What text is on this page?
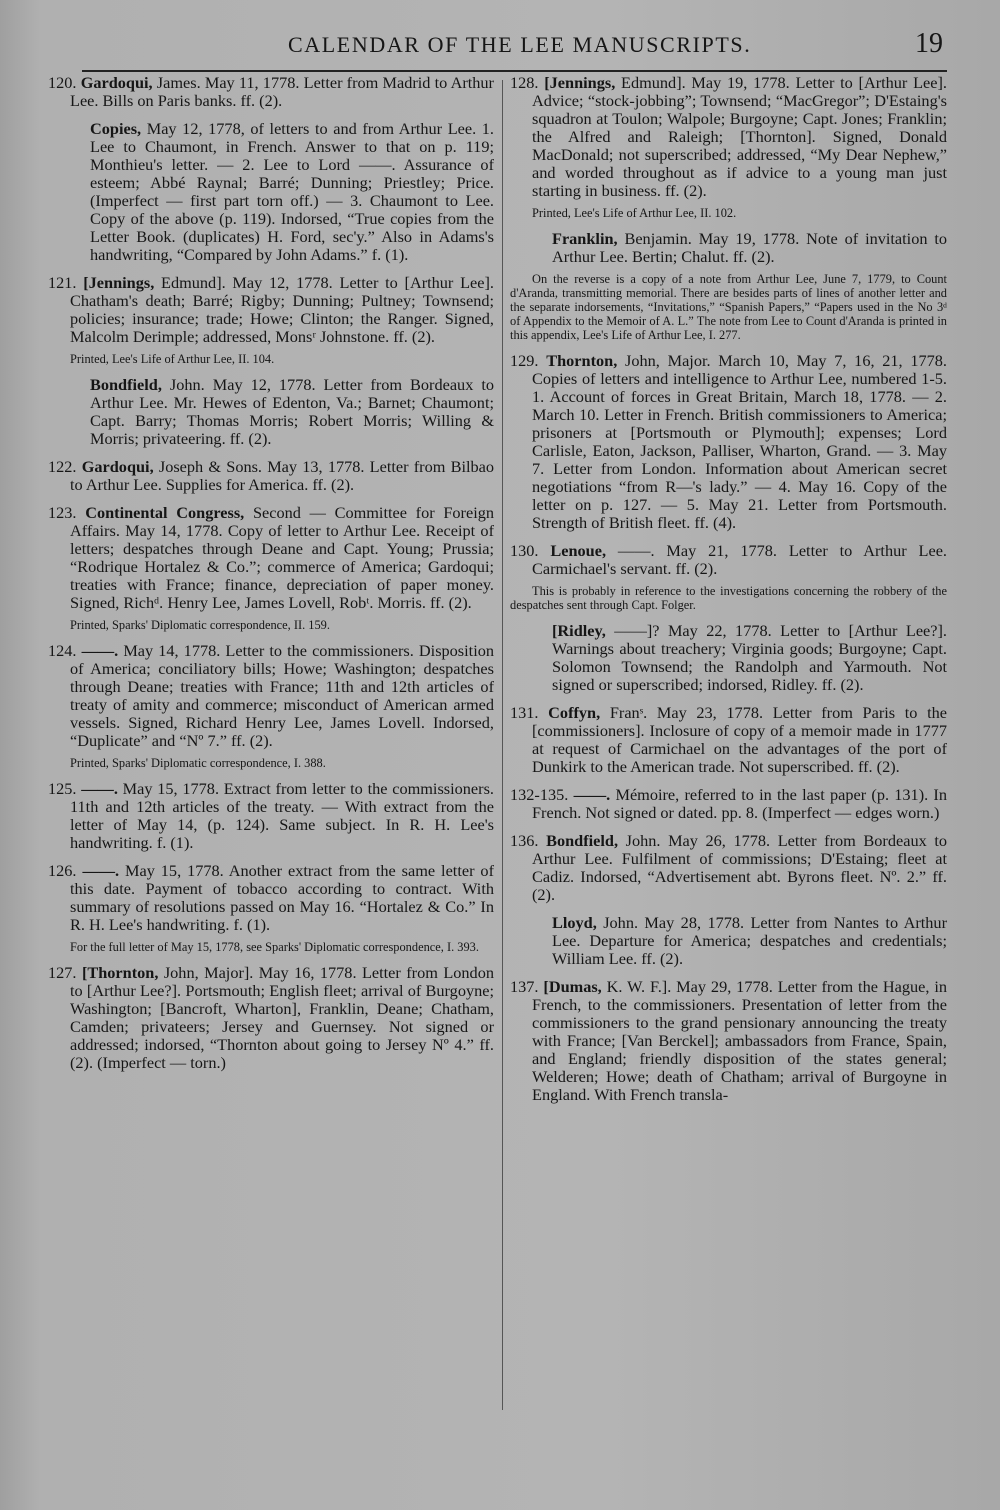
CALENDAR OF THE LEE MANUSCRIPTS.	19

120. Gardoqui, James. May 11, 1778. Letter from Madrid to Arthur Lee. Bills on Paris banks. ff. (2).

Copies, May 12, 1778, of letters to and from Arthur Lee. 1. Lee to Chaumont, in French. Answer to that on p. 119; Monthieu's letter. — 2. Lee to Lord ——. Assurance of esteem; Abbé Raynal; Barré; Dunning; Priestley; Price. (Imperfect — first part torn off.) — 3. Chaumont to Lee. Copy of the above (p. 119). Indorsed, “True copies from the Letter Book. (duplicates) H. Ford, sec'y.” Also in Adams's handwriting, “Compared by John Adams.” f. (1).

121. [Jennings, Edmund]. May 12, 1778. Letter to [Arthur Lee]. Chatham's death; Barré; Rigby; Dunning; Pultney; Townsend; policies; insurance; trade; Howe; Clinton; the Ranger. Signed, Malcolm Derimple; addressed, Monsʳ Johnstone. ff. (2).

Printed, Lee's Life of Arthur Lee, II. 104.

Bondfield, John. May 12, 1778. Letter from Bordeaux to Arthur Lee. Mr. Hewes of Edenton, Va.; Barnet; Chaumont; Capt. Barry; Thomas Morris; Robert Morris; Willing & Morris; privateering. ff. (2).

122. Gardoqui, Joseph & Sons. May 13, 1778. Letter from Bilbao to Arthur Lee. Supplies for America. ff. (2).

123. Continental Congress, Second — Committee for Foreign Affairs. May 14, 1778. Copy of letter to Arthur Lee. Receipt of letters; despatches through Deane and Capt. Young; Prussia; “Rodrique Hortalez & Co.”; commerce of America; Gardoqui; treaties with France; finance, depreciation of paper money. Signed, Richᵈ. Henry Lee, James Lovell, Robᵗ. Morris. ff. (2).

Printed, Sparks' Diplomatic correspondence, II. 159.

124. ——. May 14, 1778. Letter to the commissioners. Disposition of America; conciliatory bills; Howe; Washington; despatches through Deane; treaties with France; 11th and 12th articles of treaty of amity and commerce; misconduct of American armed vessels. Signed, Richard Henry Lee, James Lovell. Indorsed, “Duplicate” and “Nº 7.” ff. (2).

Printed, Sparks' Diplomatic correspondence, I. 388.

125. ——. May 15, 1778. Extract from letter to the commissioners. 11th and 12th articles of the treaty. — With extract from the letter of May 14, (p. 124). Same subject. In R. H. Lee's handwriting. f. (1).

126. ——. May 15, 1778. Another extract from the same letter of this date. Payment of tobacco according to contract. With summary of resolutions passed on May 16. “Hortalez & Co.” In R. H. Lee's handwriting. f. (1).

For the full letter of May 15, 1778, see Sparks' Diplomatic correspondence, I. 393.

127. [Thornton, John, Major]. May 16, 1778. Letter from London to [Arthur Lee?]. Portsmouth; English fleet; arrival of Burgoyne; Washington; [Bancroft, Wharton], Franklin, Deane; Chatham, Camden; privateers; Jersey and Guernsey. Not signed or addressed; indorsed, “Thornton about going to Jersey Nº 4.” ff. (2). (Imperfect — torn.)

128. [Jennings, Edmund]. May 19, 1778. Letter to [Arthur Lee]. Advice; “stock-jobbing”; Townsend; “MacGregor”; D'Estaing's squadron at Toulon; Walpole; Burgoyne; Capt. Jones; Franklin; the Alfred and Raleigh; [Thornton]. Signed, Donald MacDonald; not superscribed; addressed, “My Dear Nephew,” and worded throughout as if advice to a young man just starting in business. ff. (2).

Printed, Lee's Life of Arthur Lee, II. 102.

Franklin, Benjamin. May 19, 1778. Note of invitation to Arthur Lee. Bertin; Chalut. ff. (2).

On the reverse is a copy of a note from Arthur Lee, June 7, 1779, to Count d'Aranda, transmitting memorial. There are besides parts of lines of another letter and the separate indorsements, “Invitations,” “Spanish Papers,” “Papers used in the No 3ᵈ of Appendix to the Memoir of A. L.” The note from Lee to Count d'Aranda is printed in this appendix, Lee's Life of Arthur Lee, I. 277.

129. Thornton, John, Major. March 10, May 7, 16, 21, 1778. Copies of letters and intelligence to Arthur Lee, numbered 1-5. 1. Account of forces in Great Britain, March 18, 1778. — 2. March 10. Letter in French. British commissioners to America; prisoners at [Portsmouth or Plymouth]; expenses; Lord Carlisle, Eaton, Jackson, Palliser, Wharton, Grand. — 3. May 7. Letter from London. Information about American secret negotiations “from R—'s lady.” — 4. May 16. Copy of the letter on p. 127. — 5. May 21. Letter from Portsmouth. Strength of British fleet. ff. (4).

130. Lenoue, ——. May 21, 1778. Letter to Arthur Lee. Carmichael's servant. ff. (2).

This is probably in reference to the investigations concerning the robbery of the despatches sent through Capt. Folger.

[Ridley, ——]? May 22, 1778. Letter to [Arthur Lee?]. Warnings about treachery; Virginia goods; Burgoyne; Capt. Solomon Townsend; the Randolph and Yarmouth. Not signed or superscribed; indorsed, Ridley. ff. (2).

131. Coffyn, Franˢ. May 23, 1778. Letter from Paris to the [commissioners]. Inclosure of copy of a memoir made in 1777 at request of Carmichael on the advantages of the port of Dunkirk to the American trade. Not superscribed. ff. (2).

132-135. ——. Mémoire, referred to in the last paper (p. 131). In French. Not signed or dated. pp. 8. (Imperfect — edges worn.)

136. Bondfield, John. May 26, 1778. Letter from Bordeaux to Arthur Lee. Fulfilment of commissions; D'Estaing; fleet at Cadiz. Indorsed, “Advertisement abt. Byrons fleet. Nº. 2.” ff. (2).

Lloyd, John. May 28, 1778. Letter from Nantes to Arthur Lee. Departure for America; despatches and credentials; William Lee. ff. (2).

137. [Dumas, K. W. F.]. May 29, 1778. Letter from the Hague, in French, to the commissioners. Presentation of letter from the commissioners to the grand pensionary announcing the treaty with France; [Van Berckel]; ambassadors from France, Spain, and England; friendly disposition of the states general; Welderen; Howe; death of Chatham; arrival of Burgoyne in England. With French transla-
